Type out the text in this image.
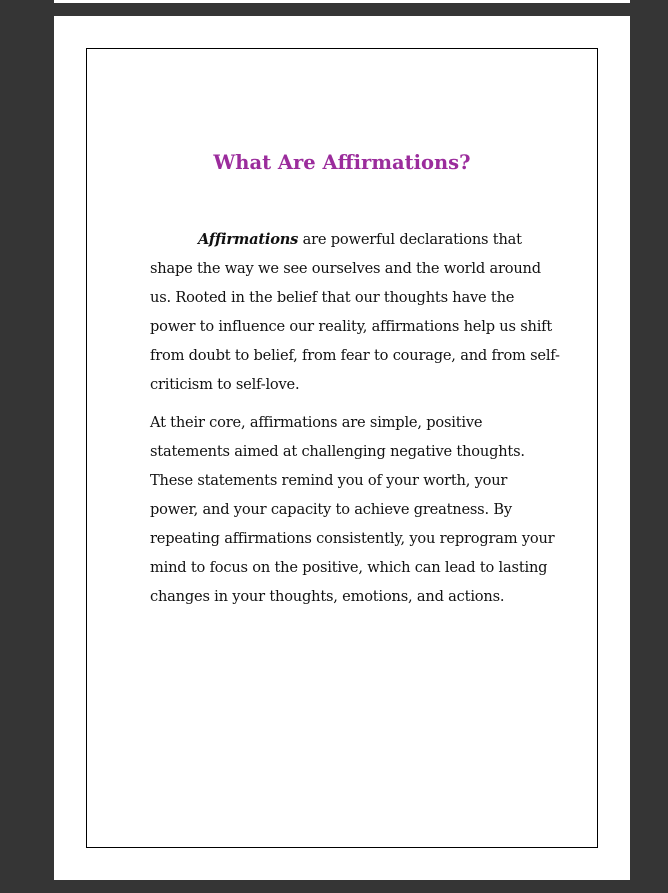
What Are Affirmations?

Affirmations are powerful declarations that
shape the way we see ourselves and the world around
us. Rooted in the belief that our thoughts have the
power to influence our reality, affirmations help us shift
from doubt to belief, from fear to courage, and from self-
criticism to self-love.

At their core, affirmations are simple, positive
statements aimed at challenging negative thoughts.
These statements remind you of your worth, your
power, and your capacity to achieve greatness. By
repeating affirmations consistently, you reprogram your
mind to focus on the positive, which can lead to lasting
changes in your thoughts, emotions, and actions.
